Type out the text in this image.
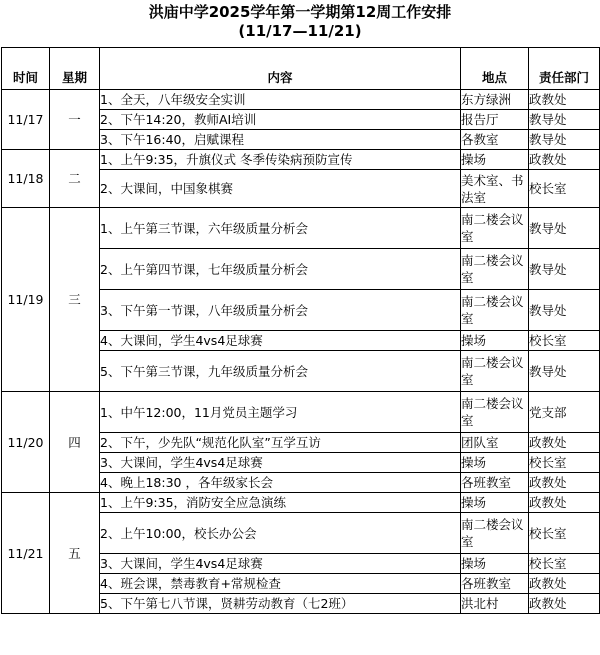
洪庙中学2025学年第一学期第12周工作安排
(11/17—11/21)
时间	星期	内容	地点	责任部门
11/17	一	1、全天，八年级安全实训	东方绿洲	政教处
		2、下午14:20，教师AI培训	报告厅	教导处
		3、下午16:40，启赋课程	各教室	教导处
11/18	二	1、上午9:35，升旗仪式 冬季传染病预防宣传	操场	政教处
		2、大课间，中国象棋赛	美术室、书法室	校长室
11/19	三	1、上午第三节课，六年级质量分析会	南二楼会议室	教导处
		2、上午第四节课，七年级质量分析会	南二楼会议室	教导处
		3、下午第一节课，八年级质量分析会	南二楼会议室	教导处
		4、大课间，学生4vs4足球赛	操场	校长室
		5、下午第三节课，九年级质量分析会	南二楼会议室	教导处
11/20	四	1、中午12:00，11月党员主题学习	南二楼会议室	党支部
		2、下午，少先队“规范化队室”互学互访	团队室	政教处
		3、大课间，学生4vs4足球赛	操场	校长室
		4、晚上18:30 ，各年级家长会	各班教室	政教处
11/21	五	1、上午9:35，消防安全应急演练	操场	政教处
		2、上午10:00，校长办公会	南二楼会议室	校长室
		3、大课间，学生4vs4足球赛	操场	校长室
		4、班会课，禁毒教育+常规检查	各班教室	政教处
		5、下午第七八节课，贤耕劳动教育（七2班）	洪北村	政教处
